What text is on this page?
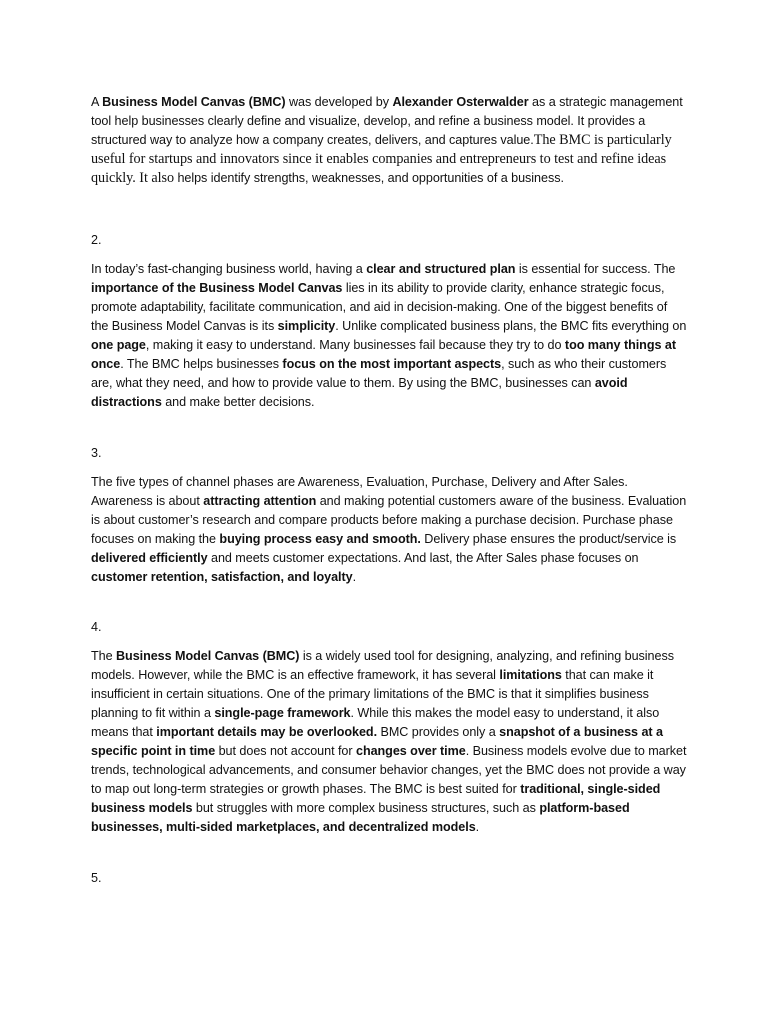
A Business Model Canvas (BMC) was developed by Alexander Osterwalder as a strategic management tool help businesses clearly define and visualize, develop, and refine a business model. It provides a structured way to analyze how a company creates, delivers, and captures value.The BMC is particularly useful for startups and innovators since it enables companies and entrepreneurs to test and refine ideas quickly. It also helps identify strengths, weaknesses, and opportunities of a business.

2.

In today’s fast-changing business world, having a clear and structured plan is essential for success. The importance of the Business Model Canvas lies in its ability to provide clarity, enhance strategic focus, promote adaptability, facilitate communication, and aid in decision-making. One of the biggest benefits of the Business Model Canvas is its simplicity. Unlike complicated business plans, the BMC fits everything on one page, making it easy to understand. Many businesses fail because they try to do too many things at once. The BMC helps businesses focus on the most important aspects, such as who their customers are, what they need, and how to provide value to them. By using the BMC, businesses can avoid distractions and make better decisions.

3.

The five types of channel phases are Awareness, Evaluation, Purchase, Delivery and After Sales. Awareness is about attracting attention and making potential customers aware of the business. Evaluation is about customer’s research and compare products before making a purchase decision. Purchase phase focuses on making the buying process easy and smooth. Delivery phase ensures the product/service is delivered efficiently and meets customer expectations. And last, the After Sales phase focuses on customer retention, satisfaction, and loyalty.

4.

The Business Model Canvas (BMC) is a widely used tool for designing, analyzing, and refining business models. However, while the BMC is an effective framework, it has several limitations that can make it insufficient in certain situations. One of the primary limitations of the BMC is that it simplifies business planning to fit within a single-page framework. While this makes the model easy to understand, it also means that important details may be overlooked. BMC provides only a snapshot of a business at a specific point in time but does not account for changes over time. Business models evolve due to market trends, technological advancements, and consumer behavior changes, yet the BMC does not provide a way to map out long-term strategies or growth phases. The BMC is best suited for traditional, single-sided business models but struggles with more complex business structures, such as platform-based businesses, multi-sided marketplaces, and decentralized models.

5.
